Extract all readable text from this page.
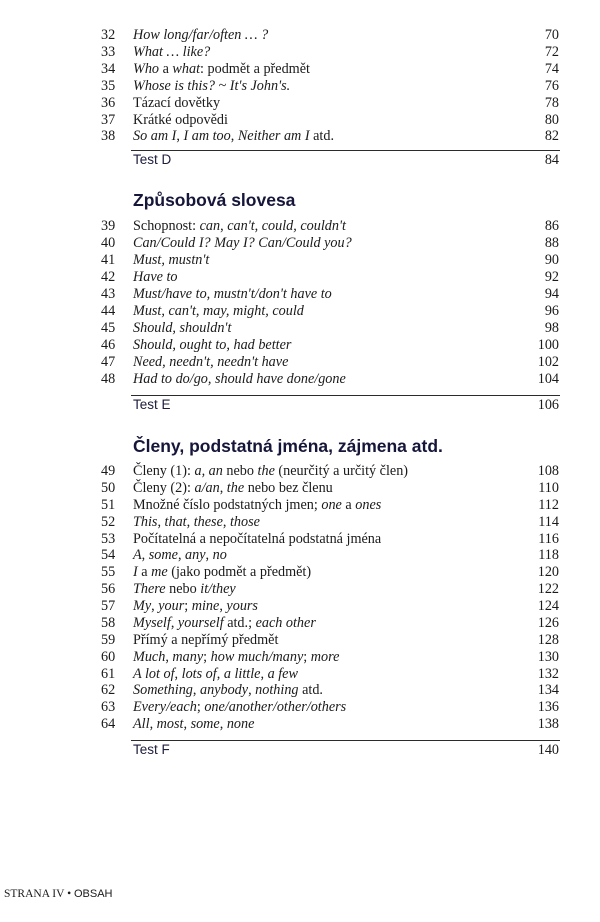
32 How long/far/often … ?	70
33 What … like?	72
34 Who a what: podmět a předmět	74
35 Whose is this? ~ It's John's.	76
36 Tázací dovětky	78
37 Krátké odpovědi	80
38 So am I, I am too, Neither am I atd.	82
Test D	84
Způsobová slovesa
39 Schopnost: can, can't, could, couldn't	86
40 Can/Could I? May I? Can/Could you?	88
41 Must, mustn't	90
42 Have to	92
43 Must/have to, mustn't/don't have to	94
44 Must, can't, may, might, could	96
45 Should, shouldn't	98
46 Should, ought to, had better	100
47 Need, needn't, needn't have	102
48 Had to do/go, should have done/gone	104
Test E	106
Členy, podstatná jména, zájmena atd.
49 Členy (1): a, an nebo the (neurčitý a určitý člen)	108
50 Členy (2): a/an, the nebo bez členu	110
51 Množné číslo podstatných jmen; one a ones	112
52 This, that, these, those	114
53 Počítatelná a nepočítatelná podstatná jména	116
54 A, some, any, no	118
55 I a me (jako podmět a předmět)	120
56 There nebo it/they	122
57 My, your; mine, yours	124
58 Myself, yourself atd.; each other	126
59 Přímý a nepřímý předmět	128
60 Much, many; how much/many; more	130
61 A lot of, lots of, a little, a few	132
62 Something, anybody, nothing atd.	134
63 Every/each; one/another/other/others	136
64 All, most, some, none	138
Test F	140
STRANA IV • OBSAH
